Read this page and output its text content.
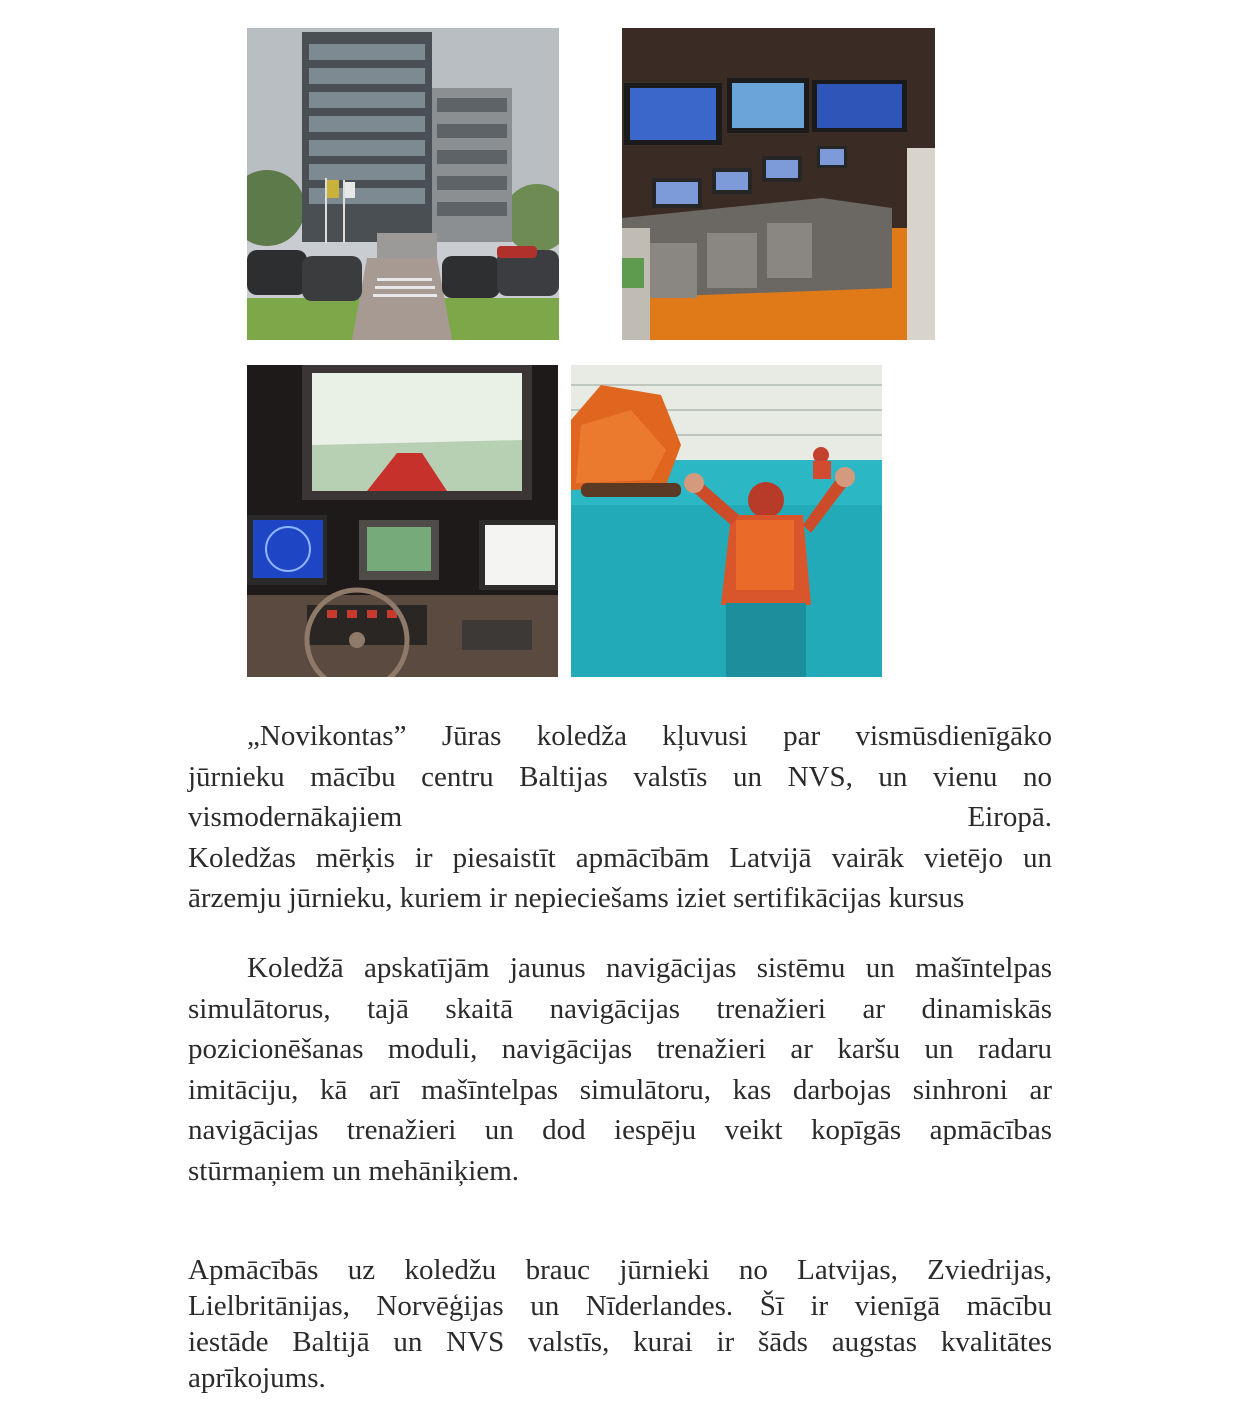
„Novikontas” Jūras koledža kļuvusi par vismūsdienīgāko
jūrnieku mācību centru Baltijas valstīs un NVS, un vienu no
vismodernākajiem	Eiropā.
Koledžas mērķis ir piesaistīt apmācībām Latvijā vairāk vietējo un
ārzemju jūrnieku, kuriem ir nepieciešams iziet sertifikācijas kursus
Koledžā apskatījām jaunus navigācijas sistēmu un mašīntelpas
simulātorus, tajā skaitā navigācijas trenažieri ar dinamiskās
pozicionēšanas moduli, navigācijas trenažieri ar karšu un radaru
imitāciju, kā arī mašīntelpas simulātoru, kas darbojas sinhroni ar
navigācijas trenažieri un dod iespēju veikt kopīgās apmācības
stūrmaņiem un mehāniķiem.
Apmācībās uz koledžu brauc jūrnieki no Latvijas, Zviedrijas,
Lielbritānijas, Norvēģijas un Nīderlandes. Šī ir vienīgā mācību
iestāde Baltijā un NVS valstīs, kurai ir šāds augstas kvalitātes
aprīkojums.
